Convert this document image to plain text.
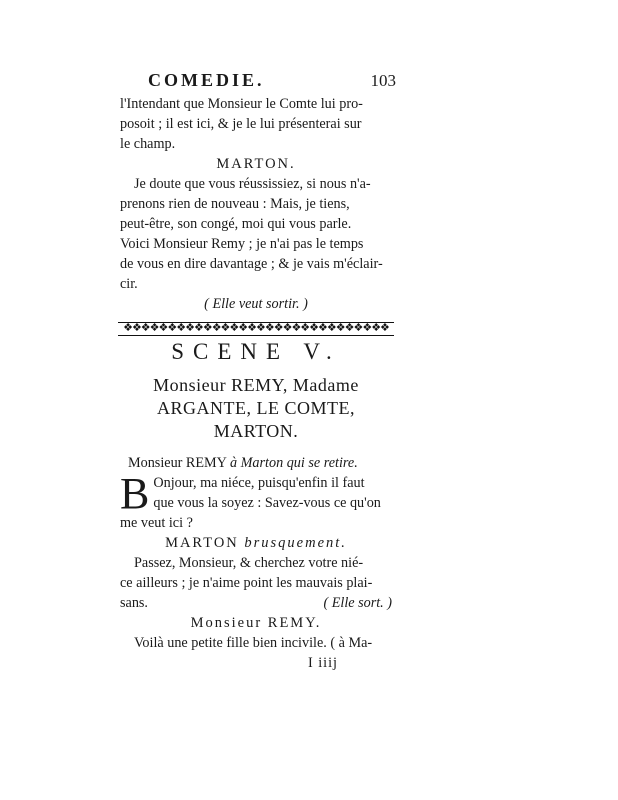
COMEDIE.	103

l'Intendant que Monsieur le Comte lui pro-

posoit ; il est ici, & je le lui présenterai sur

le champ.

MARTON.

Je doute que vous réussissiez, si nous n'a-

prenons rien de nouveau : Mais, je tiens,

peut-être, son congé, moi qui vous parle.

Voici Monsieur Remy ; je n'ai pas le temps

de vous en dire davantage ; & je vais m'éclair-

cir.

( Elle veut sortir. )

❖❖❖❖❖❖❖❖❖❖❖❖❖❖❖❖❖❖❖❖❖❖❖❖❖❖❖❖❖❖
SCENE V.
Monsieur REMY, Madame
ARGANTE, LE COMTE,
MARTON.

Monsieur REMY à Marton qui se retire.

B Onjour, ma niéce, puisqu'enfin il faut

que vous la soyez : Savez-vous ce qu'on

me veut ici ?

MARTON brusquement.

Passez, Monsieur, & cherchez votre nié-

ce ailleurs ; je n'aime point les mauvais plai-

sans.	( Elle sort. )

Monsieur REMY.

Voilà une petite fille bien incivile. ( à Ma-

I iiij
